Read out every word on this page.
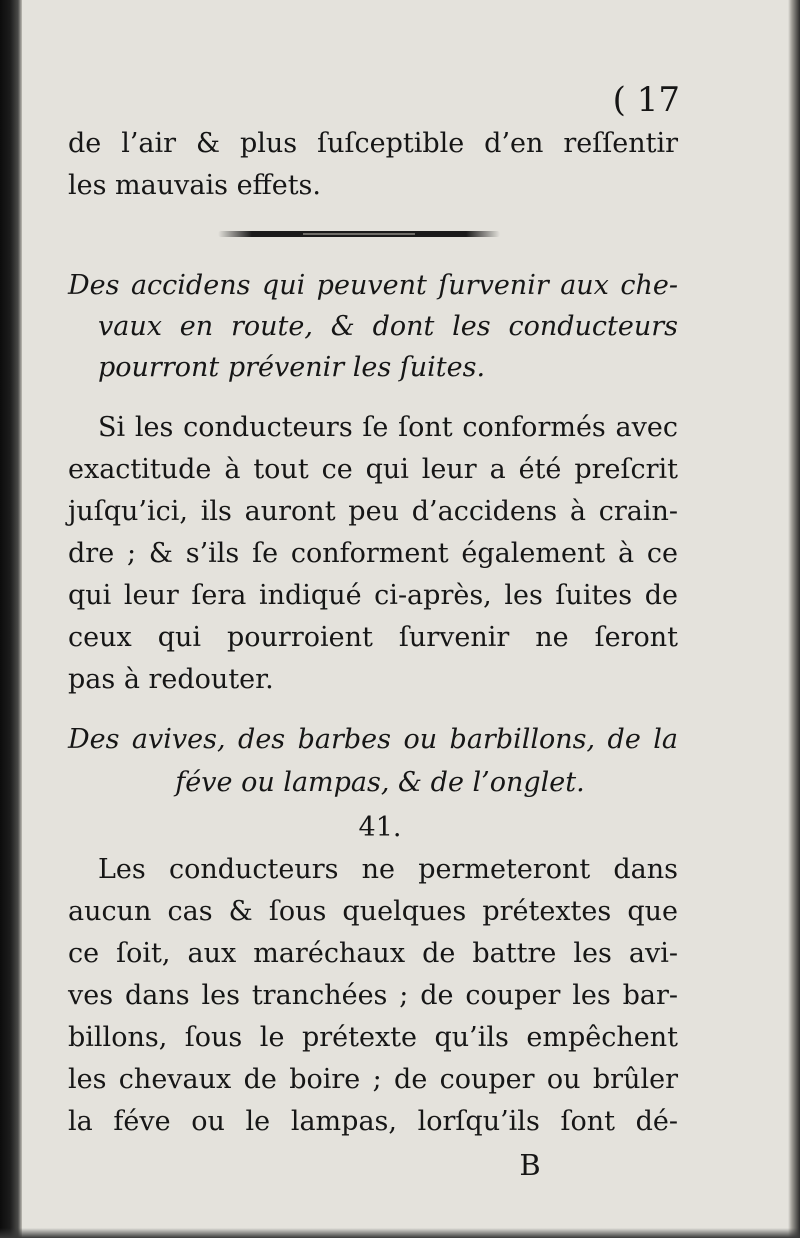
( 17
de l’air & plus ſuſceptible d’en reſſentir
les mauvais effets.
Des accidens qui peuvent ſurvenir aux che-
vaux en route, & dont les conducteurs
pourront prévenir les ſuites.
Si les conducteurs ſe ſont conformés avec
exactitude à tout ce qui leur a été preſcrit
juſqu’ici, ils auront peu d’accidens à crain-
dre ; & s’ils ſe conforment également à ce
qui leur ſera indiqué ci-après, les ſuites de
ceux qui pourroient ſurvenir ne ſeront
pas à redouter.
Des avives, des barbes ou barbillons, de la
féve ou lampas, & de l’onglet.
41.
Les conducteurs ne permeteront dans
aucun cas & ſous quelques prétextes que
ce ſoit, aux maréchaux de battre les avi-
ves dans les tranchées ; de couper les bar-
billons, ſous le prétexte qu’ils empêchent
les chevaux de boire ; de couper ou brûler
la féve ou le lampas, lorſqu’ils ſont dé-
B
